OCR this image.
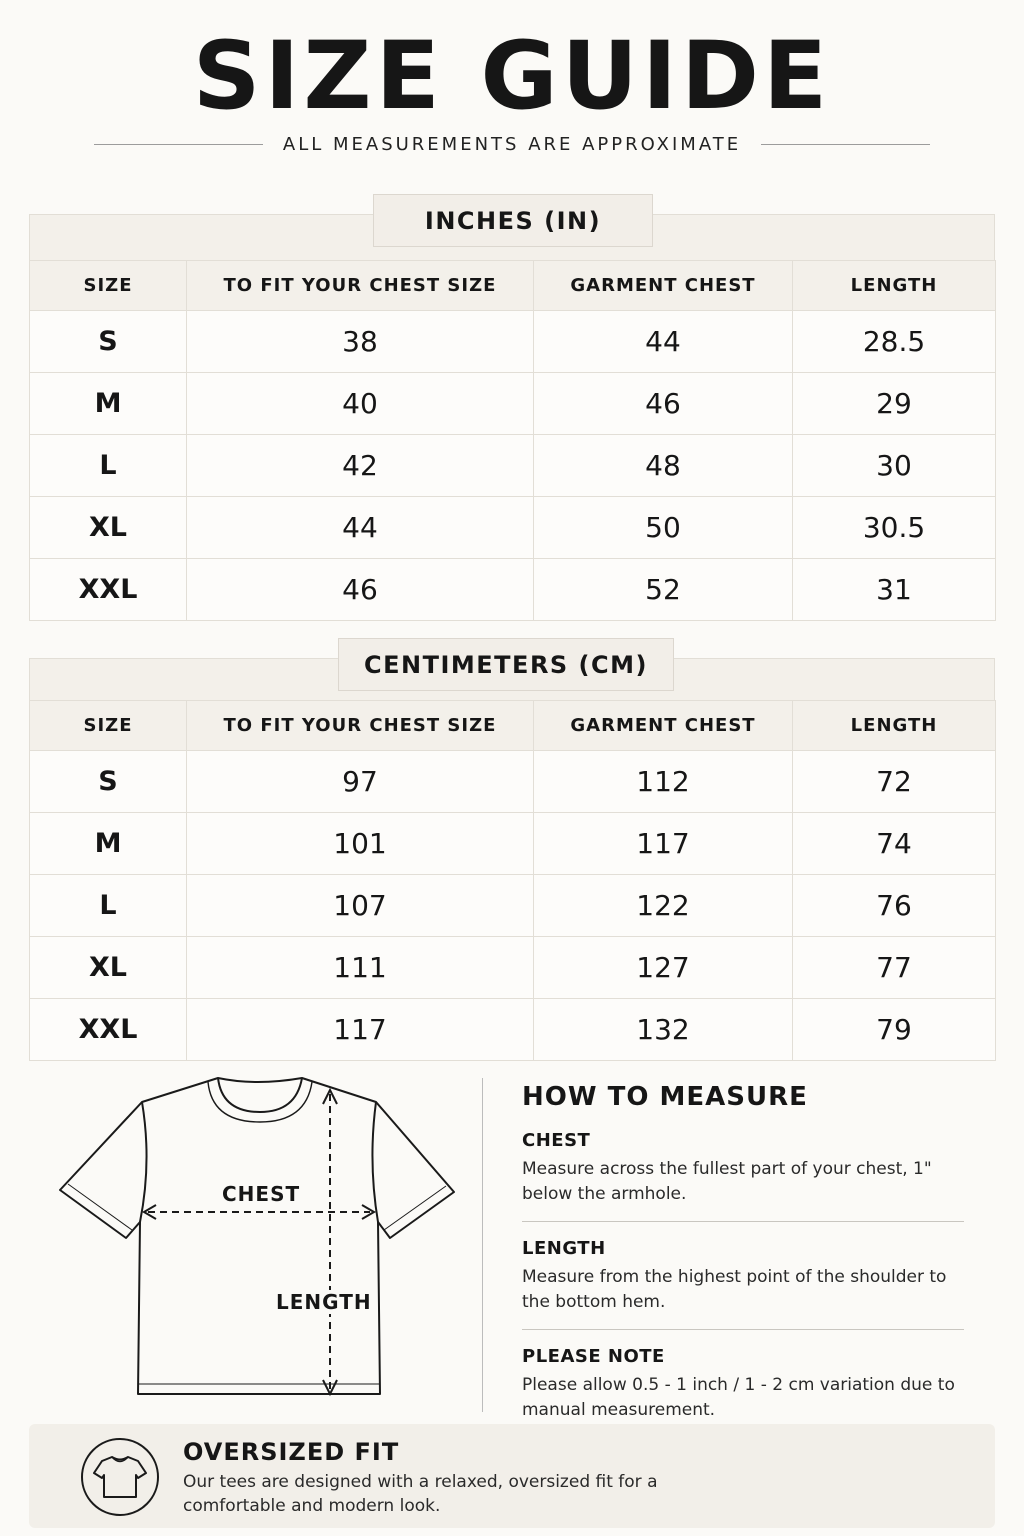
SIZE GUIDE
ALL MEASUREMENTS ARE APPROXIMATE
INCHES (IN)
SIZE	TO FIT YOUR CHEST SIZE	GARMENT CHEST	LENGTH
S	38	44	28.5
M	40	46	29
L	42	48	30
XL	44	50	30.5
XXL	46	52	31
CENTIMETERS (CM)
SIZE	TO FIT YOUR CHEST SIZE	GARMENT CHEST	LENGTH
S	97	112	72
M	101	117	74
L	107	122	76
XL	111	127	77
XXL	117	132	79
CHEST
LENGTH
HOW TO MEASURE
CHEST

Measure across the fullest part of your chest, 1" below the armhole.

LENGTH

Measure from the highest point of the shoulder to the bottom hem.

PLEASE NOTE

Please allow 0.5 - 1 inch / 1 - 2 cm variation due to manual measurement.

OVERSIZED FIT

Our tees are designed with a relaxed, oversized fit for a comfortable and modern look.
